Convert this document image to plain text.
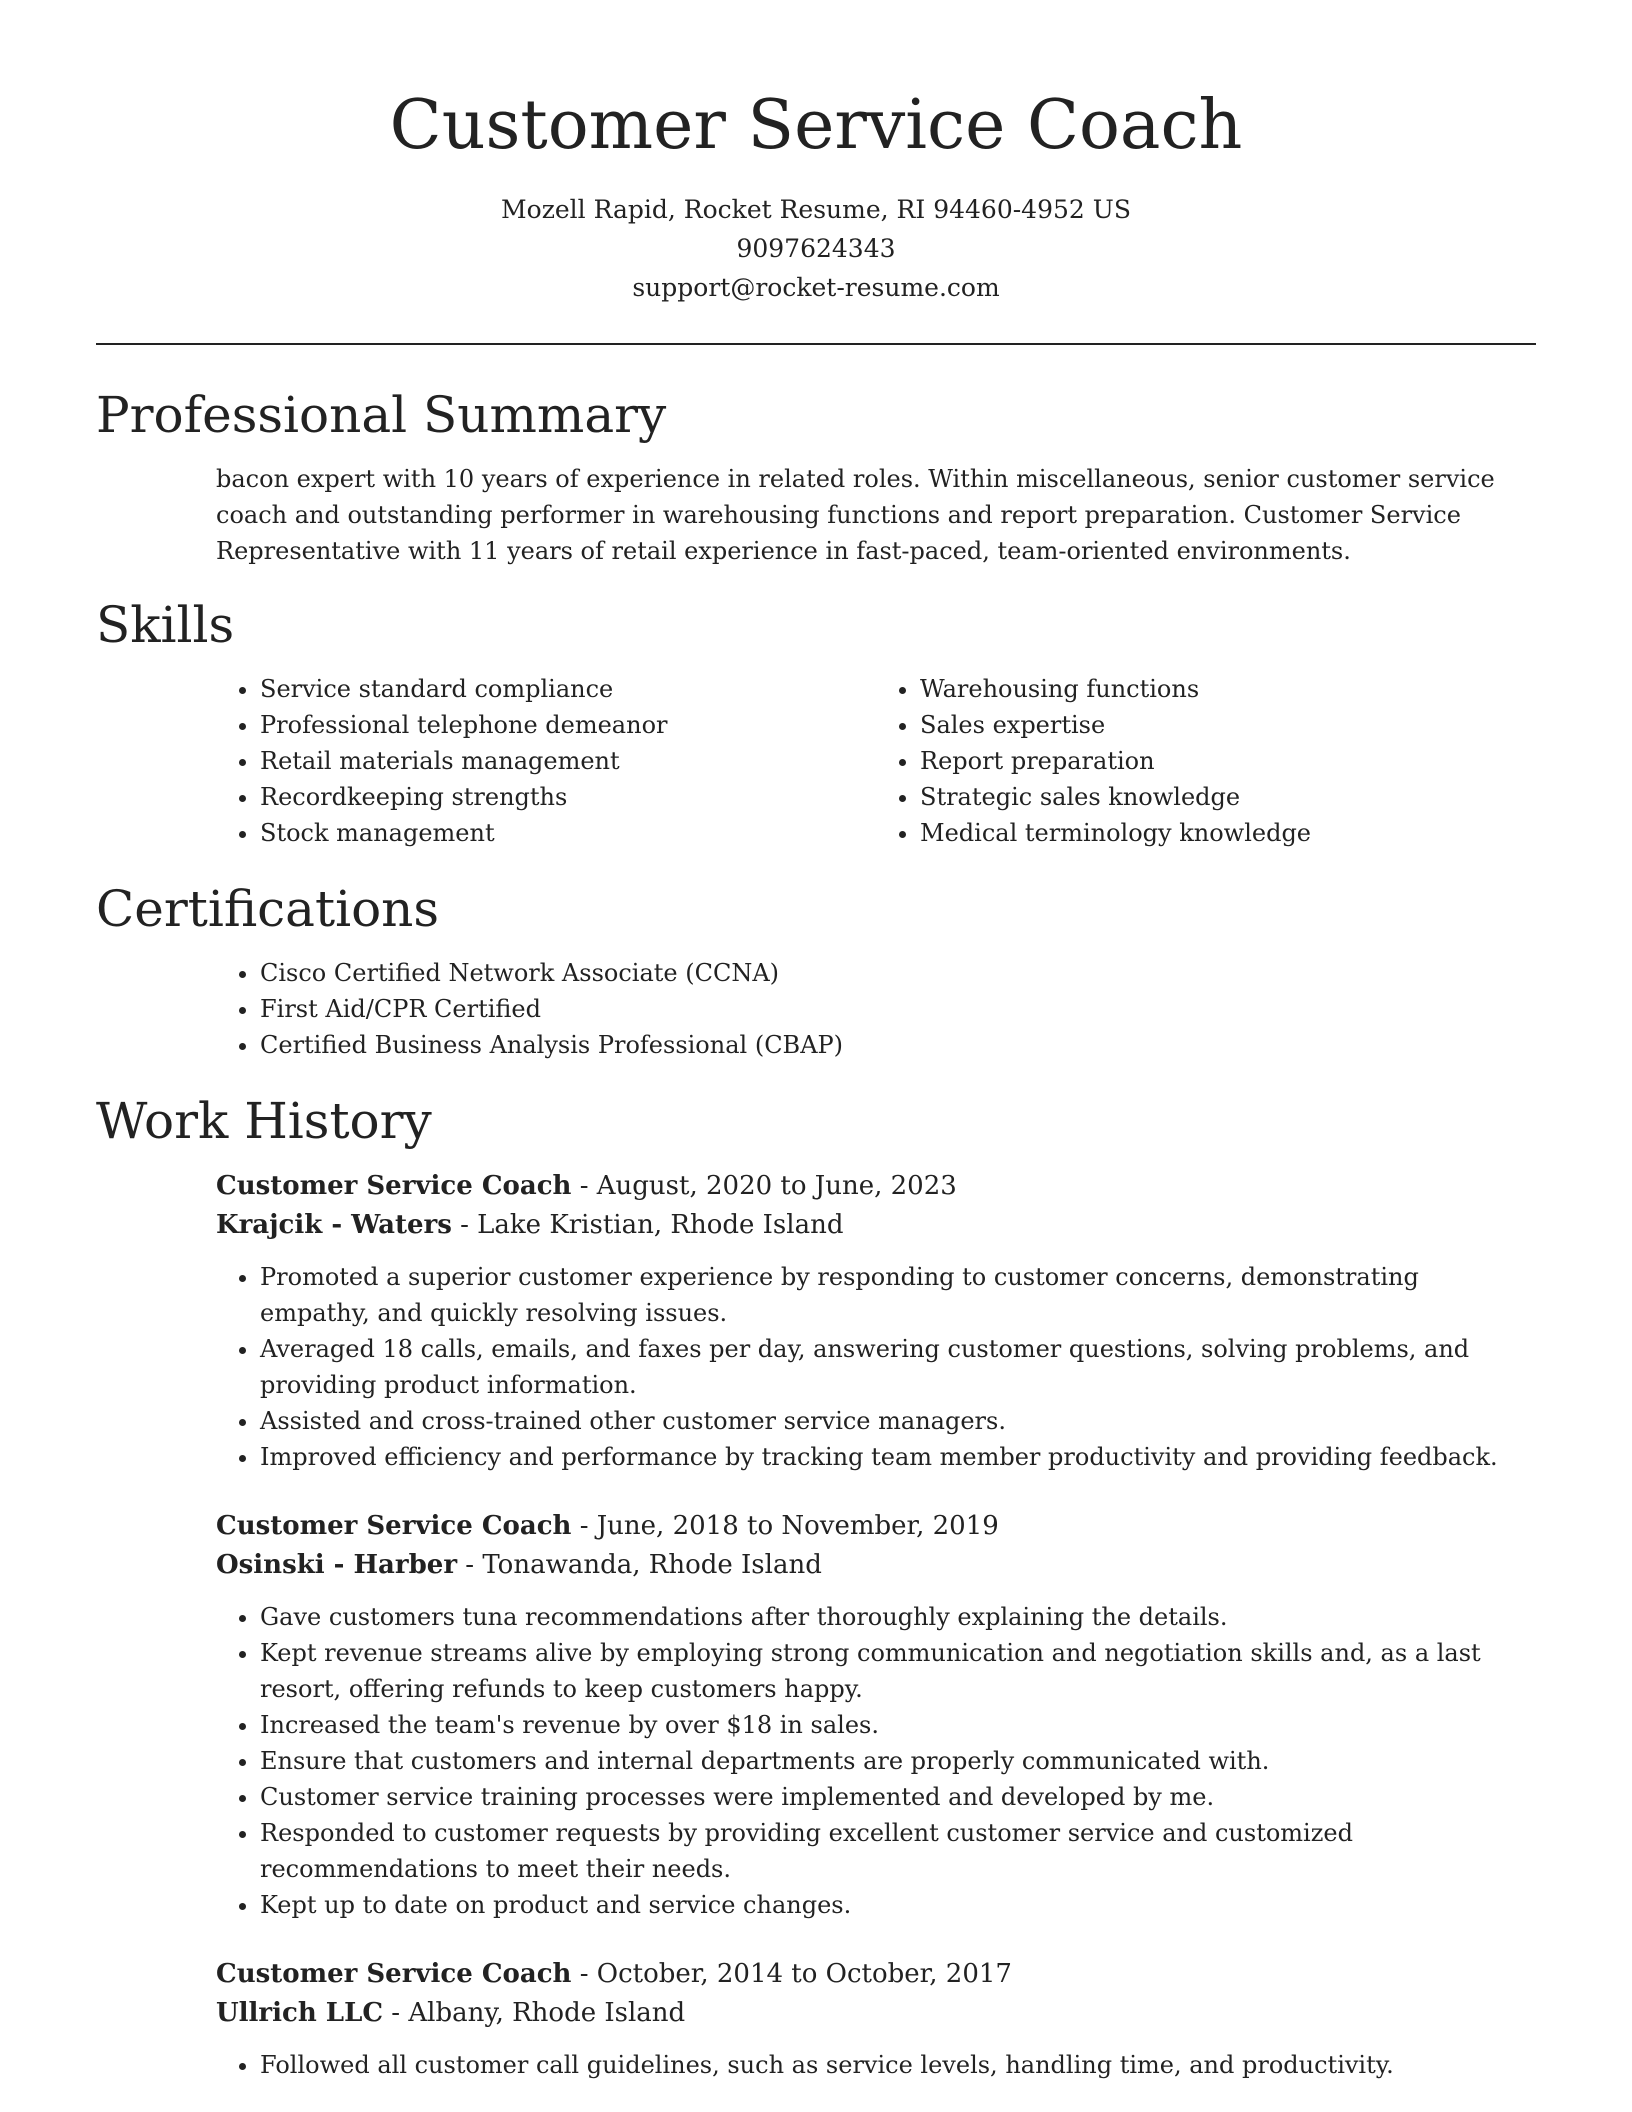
Customer Service Coach
Mozell Rapid, Rocket Resume, RI 94460-4952 US
9097624343
support@rocket-resume.com
Professional Summary
bacon expert with 10 years of experience in related roles. Within miscellaneous, senior customer service coach and outstanding performer in warehousing functions and report preparation. Customer Service Representative with 11 years of retail experience in fast-paced, team-oriented environments.
Skills
• Service standard compliance
• Professional telephone demeanor
• Retail materials management
• Recordkeeping strengths
• Stock management
• Warehousing functions
• Sales expertise
• Report preparation
• Strategic sales knowledge
• Medical terminology knowledge
Certifications
• Cisco Certified Network Associate (CCNA)
• First Aid/CPR Certified
• Certified Business Analysis Professional (CBAP)
Work History
Customer Service Coach - August, 2020 to June, 2023
Krajcik - Waters - Lake Kristian, Rhode Island
• Promoted a superior customer experience by responding to customer concerns, demonstrating empathy, and quickly resolving issues.
• Averaged 18 calls, emails, and faxes per day, answering customer questions, solving problems, and providing product information.
• Assisted and cross-trained other customer service managers.
• Improved efficiency and performance by tracking team member productivity and providing feedback.
Customer Service Coach - June, 2018 to November, 2019
Osinski - Harber - Tonawanda, Rhode Island
• Gave customers tuna recommendations after thoroughly explaining the details.
• Kept revenue streams alive by employing strong communication and negotiation skills and, as a last resort, offering refunds to keep customers happy.
• Increased the team's revenue by over $18 in sales.
• Ensure that customers and internal departments are properly communicated with.
• Customer service training processes were implemented and developed by me.
• Responded to customer requests by providing excellent customer service and customized recommendations to meet their needs.
• Kept up to date on product and service changes.
Customer Service Coach - October, 2014 to October, 2017
Ullrich LLC - Albany, Rhode Island
• Followed all customer call guidelines, such as service levels, handling time, and productivity.
